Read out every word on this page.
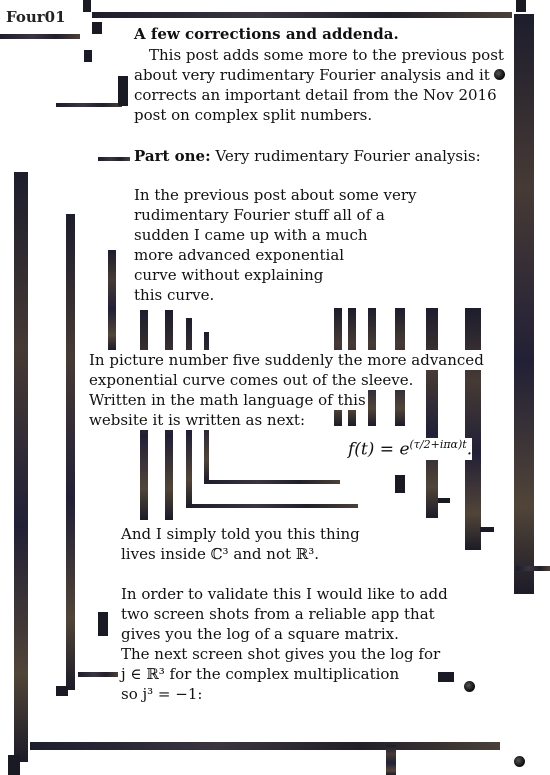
Four01
A few corrections and addenda.
This post adds some more to the previous post
about very rudimentary Fourier analysis and it
corrects an important detail from the Nov 2016
post on complex split numbers.
Part one: Very rudimentary Fourier analysis:
In the previous post about some very
rudimentary Fourier stuff all of a
sudden I came up with a much
more advanced exponential
curve without explaining
this curve.
In picture number five suddenly the more advanced
exponential curve comes out of the sleeve.
Written in the math language of this
website it is written as next:
$f(t) = e^{(\tau/2+i\pi\alpha)t}$.
And I simply told you this thing
lives inside ℂ³ and not ℝ³.
In order to validate this I would like to add
two screen shots from a reliable app that
gives you the log of a square matrix.
The next screen shot gives you the log for
j ∈ ℝ³ for the complex multiplication
so j³ = −1:
